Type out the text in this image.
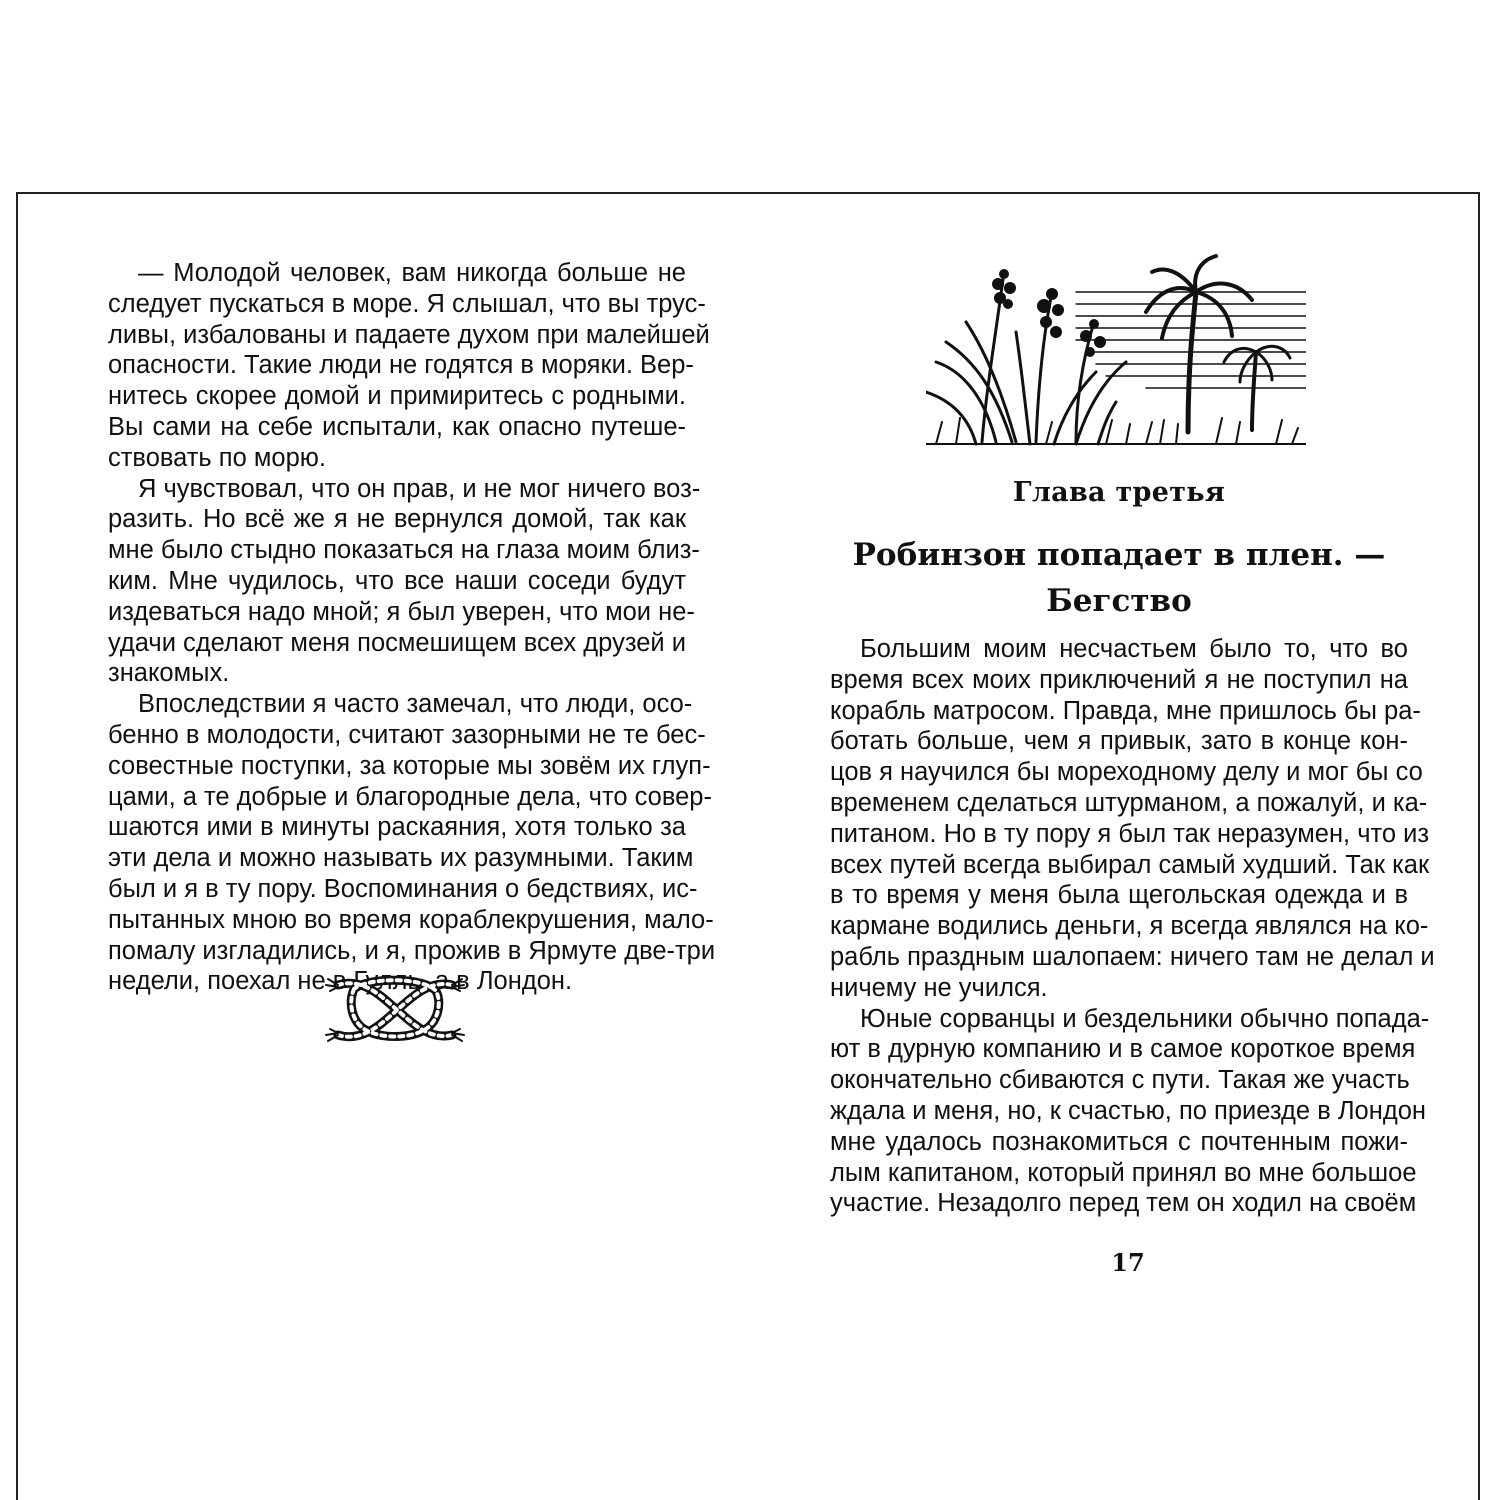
— Молодой человек, вам никогда больше не
следует пускаться в море. Я слышал, что вы трус-
ливы, избалованы и падаете духом при малейшей
опасности. Такие люди не годятся в моряки. Вер-
нитесь скорее домой и примиритесь с родными.
Вы сами на себе испытали, как опасно путеше-
ствовать по морю.

Я чувствовал, что он прав, и не мог ничего воз-
разить. Но всё же я не вернулся домой, так как
мне было стыдно показаться на глаза моим близ-
ким. Мне чудилось, что все наши соседи будут
издеваться надо мной; я был уверен, что мои не-
удачи сделают меня посмешищем всех друзей и
знакомых.

Впоследствии я часто замечал, что люди, осо-
бенно в молодости, считают зазорными не те бес-
совестные поступки, за которые мы зовём их глуп-
цами, а те добрые и благородные дела, что совер-
шаются ими в минуты раскаяния, хотя только за
эти дела и можно называть их разумными. Таким
был и я в ту пору. Воспоминания о бедствиях, ис-
пытанных мною во время кораблекрушения, мало-
помалу изгладились, и я, прожив в Ярмуте две-три
недели, поехал не в Гулль, а в Лондон.

Глава третья
Робинзон попадает в плен. —
Бегство

Большим моим несчастьем было то, что во
время всех моих приключений я не поступил на
корабль матросом. Правда, мне пришлось бы ра-
ботать больше, чем я привык, зато в конце кон-
цов я научился бы мореходному делу и мог бы со
временем сделаться штурманом, а пожалуй, и ка-
питаном. Но в ту пору я был так неразумен, что из
всех путей всегда выбирал самый худший. Так как
в то время у меня была щегольская одежда и в
кармане водились деньги, я всегда являлся на ко-
рабль праздным шалопаем: ничего там не делал и
ничему не учился.

Юные сорванцы и бездельники обычно попада-
ют в дурную компанию и в самое короткое время
окончательно сбиваются с пути. Такая же участь
ждала и меня, но, к счастью, по приезде в Лондон
мне удалось познакомиться с почтенным пожи-
лым капитаном, который принял во мне большое
участие. Незадолго перед тем он ходил на своём

17
